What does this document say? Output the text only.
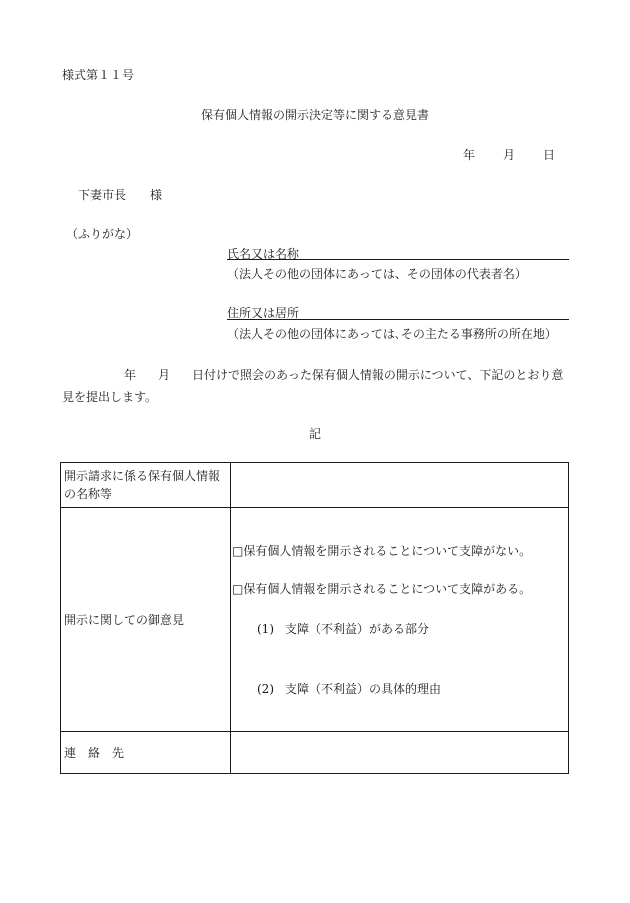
様式第１１号
保有個人情報の開示決定等に関する意見書
年 月 日
下妻市長 様
（ふりがな）
氏名又は名称
（法人その他の団体にあっては、その団体の代表者名）
住所又は居所
（法人その他の団体にあっては､その主たる事務所の所在地）
年 月 日付けで照会のあった保有個人情報の開示について、下記のとおり意見を提出します。
記
開示請求に係る保有個人情報の名称等	
開示に関しての御意見	□保有個人情報を開示されることについて支障がない。
□保有個人情報を開示されることについて支障がある。
(1) 支障（不利益）がある部分
(2) 支障（不利益）の具体的理由

連　絡　先	
